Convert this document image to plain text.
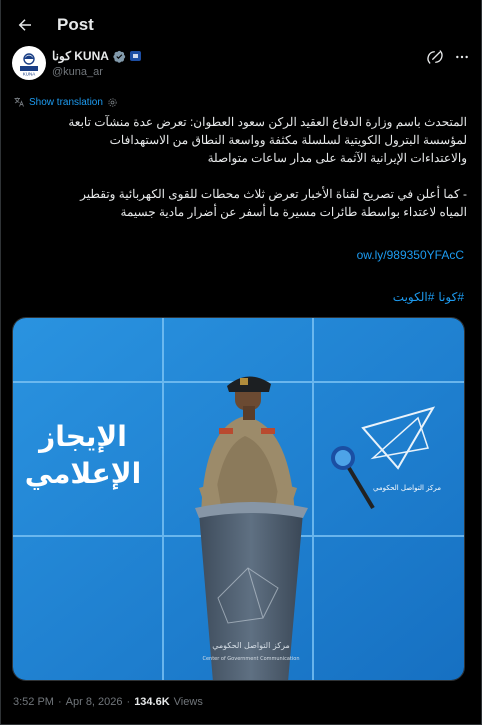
Post
KUNA
كونا KUNA
@kuna_ar
Show translation

المتحدث باسم وزارة الدفاع العقيد الركن سعود العطوان: تعرض عدة منشآت تابعة
لمؤسسة البترول الكويتية لسلسلة مكثفة وواسعة النطاق من الاستهدافات
والاعتداءات الإيرانية الآثمة على مدار ساعات متواصلة

- كما أعلن في تصريح لقناة الأخبار تعرض ثلاث محطات للقوى الكهربائية وتقطير
المياه لاعتداء بواسطة طائرات مسيرة ما أسفر عن أضرار مادية جسيمة

ow.ly/989350YFAcC
#كونا
#الكويت
مركز التواصل الحكومي
الإيجاز
الإعلامي
مركز التواصل الحكومي
Center of Government Communication
3:52 PM · Apr 8, 2026 · 134.6K Views
